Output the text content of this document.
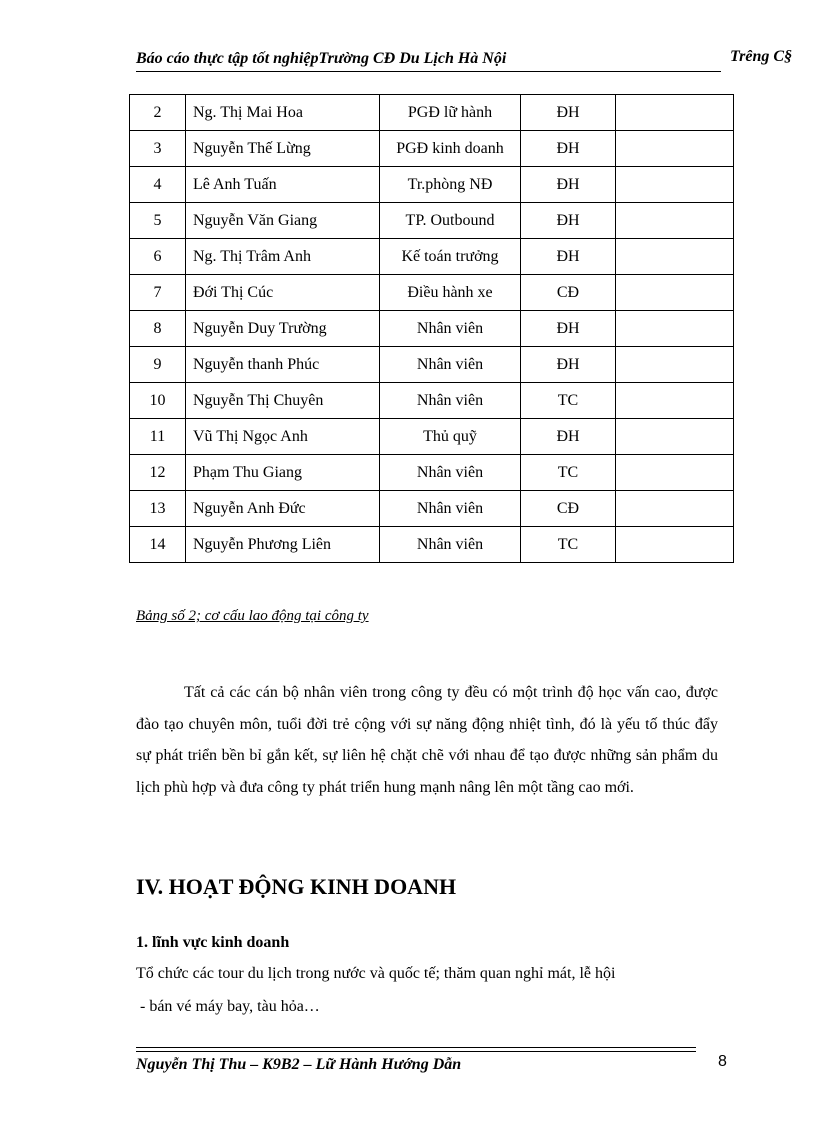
Báo cáo thực tập tốt nghiệpTrường CĐ Du Lịch Hà Nội	Trêng C§
2	Ng. Thị Mai Hoa	PGĐ lữ hành	ĐH	
3	Nguyễn Thế Lừng	PGĐ kinh doanh	ĐH	
4	Lê Anh Tuấn	Tr.phòng NĐ	ĐH	
5	Nguyễn Văn Giang	TP. Outbound	ĐH	
6	Ng. Thị Trâm Anh	Kế toán trưởng	ĐH	
7	Đới Thị Cúc	Điều hành xe	CĐ	
8	Nguyễn Duy Trường	Nhân viên	ĐH	
9	Nguyễn thanh Phúc	Nhân viên	ĐH	
10	Nguyễn Thị Chuyên	Nhân viên	TC	
11	Vũ Thị Ngọc Anh	Thủ quỹ	ĐH	
12	Phạm Thu Giang	Nhân viên	TC	
13	Nguyễn Anh Đức	Nhân viên	CĐ	
14	Nguyễn Phương Liên	Nhân viên	TC	
Bảng số 2; cơ cấu lao động tại công ty

Tất cả các cán bộ nhân viên trong công ty đều có một trình độ học vấn cao, được đào tạo chuyên môn, tuổi đời trẻ cộng với sự năng động nhiệt tình, đó là yếu tố thúc đẩy sự phát triển bền bỉ gắn kết, sự liên hệ chặt chẽ với nhau để tạo được những sản phẩm du lịch phù hợp và đưa công ty phát triển hung mạnh nâng lên một tầng cao mới.

IV. HOẠT ĐỘNG KINH DOANH
1. lĩnh vực kinh doanh
Tổ chức các tour du lịch trong nước và quốc tế; thăm quan nghỉ mát, lễ hội
- bán vé máy bay, tàu hỏa…
Nguyễn Thị Thu – K9B2 – Lữ Hành Hướng Dẫn	8
